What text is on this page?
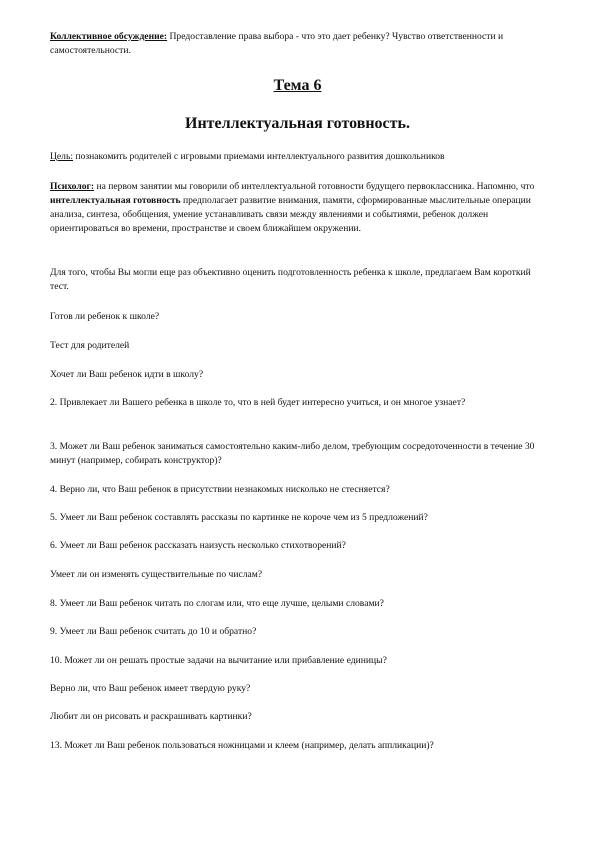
Коллективное обсуждение: Предоставление права выбора - что это дает ребенку? Чувство ответственности и самостоятельности.

Тема 6

Интеллектуальная готовность.

Цель: познакомить родителей с игровыми приемами интеллектуального развития дошкольников

Психолог: на первом занятии мы говорили об интеллектуальной готовности будущего первоклассника. Напомню, что интеллектуальная готовность предполагает развитие внимания, памяти, сформированные мыслительные операции анализа, синтеза, обобщения, умение устанавливать связи между явлениями и событиями, ребенок должен ориентироваться во времени, пространстве и своем ближайшем окружении.

Для того, чтобы Вы могли еще раз объективно оценить подготовленность ребенка к школе, предлагаем Вам короткий тест.

Готов ли ребенок к школе?

Тест для родителей

Хочет ли Ваш ребенок идти в школу?

2. Привлекает ли Вашего ребенка в школе то, что в ней будет интересно учиться, и он многое узнает?

3. Может ли Ваш ребенок заниматься самостоятельно каким-либо делом, требующим сосредоточенности в течение 30 минут (например, собирать конструктор)?

4. Верно ли, что Ваш ребенок в присутствии незнакомых нисколько не стесняется?

5. Умеет ли Ваш ребенок составлять рассказы по картинке не короче чем из 5 предложений?

6. Умеет ли Ваш ребенок рассказать наизусть несколько стихотворений?

Умеет ли он изменять существительные по числам?

8. Умеет ли Ваш ребенок читать по слогам или, что еще лучше, целыми словами?

9. Умеет ли Ваш ребенок считать до 10 и обратно?

10. Может ли он решать простые задачи на вычитание или прибавление единицы?

Верно ли, что Ваш ребенок имеет твердую руку?

Любит ли он рисовать и раскрашивать картинки?

13. Может ли Ваш ребенок пользоваться ножницами и клеем (например, делать аппликации)?
